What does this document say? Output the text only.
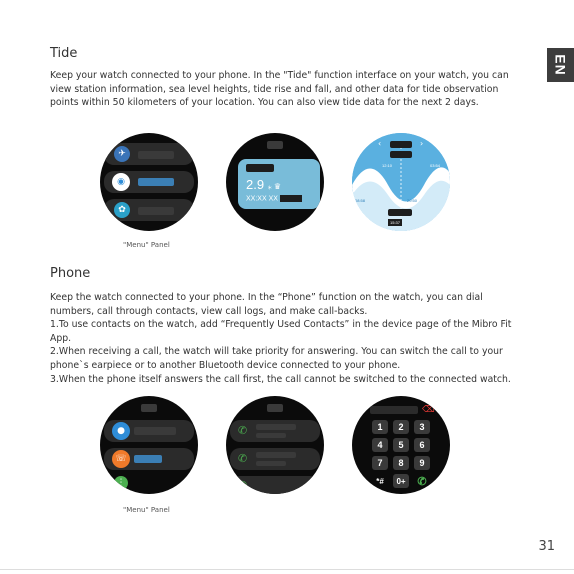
EN
Tide
Keep your watch connected to your phone. In the "Tide" function interface on your watch, you can
view station information, sea level heights, tide rise and fall, and other data for tide observation
points within 50 kilometers of your location. You can also view tide data for the next 2 days.
✈
◉
✿
2.9 ⁎ ♛
XX:XX XX
‹	›
12:10	03:54
08:58	20:50
15:37
"Menu" Panel
Phone
Keep the watch connected to your phone. In the “Phone” function on the watch, you can dial
numbers, call through contacts, view call logs, and make call-backs.
1.To use contacts on the watch, add “Frequently Used Contacts” in the device page of the Mibro Fit
App.
2.When receiving a call, the watch will take priority for answering. You can switch the call to your
phone`s earpiece or to another Bluetooth device connected to your phone.
3.When the phone itself answers the call first, the call cannot be switched to the connected watch.
●
☏
⋮
✆
✆
✆
⌫
1	2	3
4	5	6
7	8	9
*#	0+	✆
"Menu" Panel
31
